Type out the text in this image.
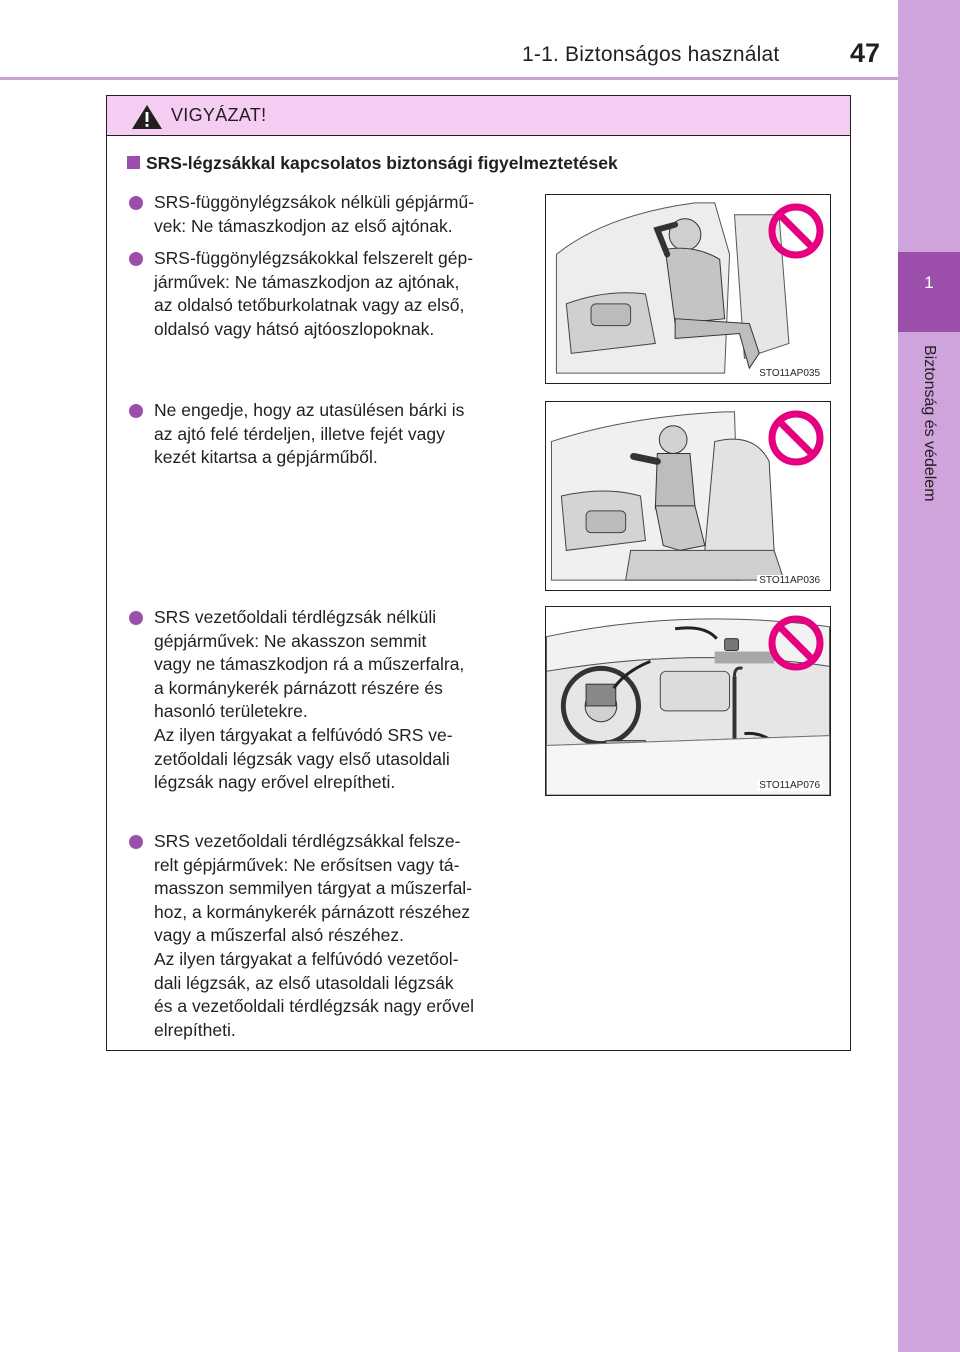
1-1. Biztonságos használat	47
1
Biztonság és védelem
VIGYÁZAT!
SRS-légzsákkal kapcsolatos biztonsági figyelmeztetések
SRS-függönylégzsákok nélküli gépjármű-
vek: Ne támaszkodjon az első ajtónak.
SRS-függönylégzsákokkal felszerelt gép-
járművek: Ne támaszkodjon az ajtónak,
az oldalsó tetőburkolatnak vagy az első,
oldalsó vagy hátsó ajtóoszlopoknak.
Ne engedje, hogy az utasülésen bárki is
az ajtó felé térdeljen, illetve fejét vagy
kezét kitartsa a gépjárműből.
SRS vezetőoldali térdlégzsák nélküli
gépjárművek: Ne akasszon semmit
vagy ne támaszkodjon rá a műszerfalra,
a kormánykerék párnázott részére és
hasonló területekre.
Az ilyen tárgyakat a felfúvódó SRS ve-
zetőoldali légzsák vagy első utasoldali
légzsák nagy erővel elrepítheti.
SRS vezetőoldali térdlégzsákkal felsze-
relt gépjárművek: Ne erősítsen vagy tá-
masszon semmilyen tárgyat a műszerfal-
hoz, a kormánykerék párnázott részéhez
vagy a műszerfal alsó részéhez.
Az ilyen tárgyakat a felfúvódó vezetőol-
dali légzsák, az első utasoldali légzsák
és a vezetőoldali térdlégzsák nagy erővel
elrepítheti.
STO11AP035
STO11AP036
STO11AP076
